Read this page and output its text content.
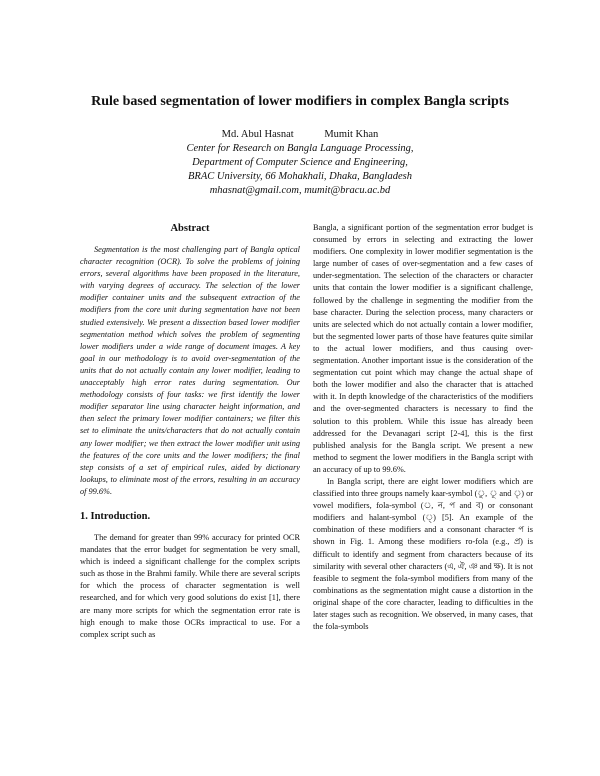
Rule based segmentation of lower modifiers in complex Bangla scripts
Md. Abul Hasnat	Mumit Khan
Center for Research on Bangla Language Processing,
Department of Computer Science and Engineering,
BRAC University, 66 Mohakhali, Dhaka, Bangladesh
mhasnat@gmail.com, mumit@bracu.ac.bd
Abstract

Segmentation is the most challenging part of Bangla optical character recognition (OCR). To solve the problems of joining errors, several algorithms have been proposed in the literature, with varying degrees of accuracy. The selection of the lower modifier container units and the subsequent extraction of the modifiers from the core unit during segmentation have not been studied extensively. We present a dissection based lower modifier segmentation method which solves the problem of segmenting lower modifiers under a wide range of document images. A key goal in our methodology is to avoid over-segmentation of the units that do not actually contain any lower modifier, leading to unacceptably high error rates during segmentation. Our methodology consists of four tasks: we first identify the lower modifier separator line using character height information, and then select the primary lower modifier containers; we filter this set to eliminate the units/characters that do not actually contain any lower modifier; we then extract the lower modifier unit using the features of the core units and the lower modifiers; the final step consists of a set of empirical rules, aided by dictionary lookups, to eliminate most of the errors, resulting in an accuracy of 99.6%.

1. Introduction.

The demand for greater than 99% accuracy for printed OCR mandates that the error budget for segmentation be very small, which is indeed a significant challenge for the complex scripts such as those in the Brahmi family. While there are several scripts for which the process of character segmentation is well researched, and for which very good solutions do exist [1], there are many more scripts for which the segmentation error rate is high enough to make those OCRs impractical to use. For a complex script such as

Bangla, a significant portion of the segmentation error budget is consumed by errors in selecting and extracting the lower modifiers. One complexity in lower modifier segmentation is the large number of cases of over-segmentation and a few cases of under-segmentation. The selection of the characters or character units that contain the lower modifier is a significant challenge, followed by the challenge in segmenting the modifier from the base character. During the selection process, many characters or units are selected which do not actually contain a lower modifier, but the segmented lower parts of those have features quite similar to the actual lower modifiers, and thus causing over-segmentation. Another important issue is the consideration of the segmentation cut point which may change the actual shape of both the lower modifier and also the character that is attached with it. In depth knowledge of the characteristics of the modifiers and the over-segmented characters is necessary to find the solution to this problem. While this issue has already been addressed for the Devanagari script [2-4], this is the first published analysis for the Bangla script. We present a new method to segment the lower modifiers in the Bangla script with an accuracy of up to 99.6%.

In Bangla script, there are eight lower modifiers which are classified into three groups namely kaar-symbol (ু, ূ and ৃ) or vowel modifiers, fola-symbol (্র, ন, প and ব) or consonant modifiers and halant-symbol (্) [5]. An example of the combination of these modifiers and a consonant character প is shown in Fig. 1. Among these modifiers ro-fola (e.g., প্র) is difficult to identify and segment from characters because of its similarity with several other characters (এ, ঐ, ঞ and ক্ষ). It is not feasible to segment the fola-symbol modifiers from many of the combinations as the segmentation might cause a distortion in the original shape of the core character, leading to difficulties in the later stages such as recognition. We observed, in many cases, that the fola-symbols
